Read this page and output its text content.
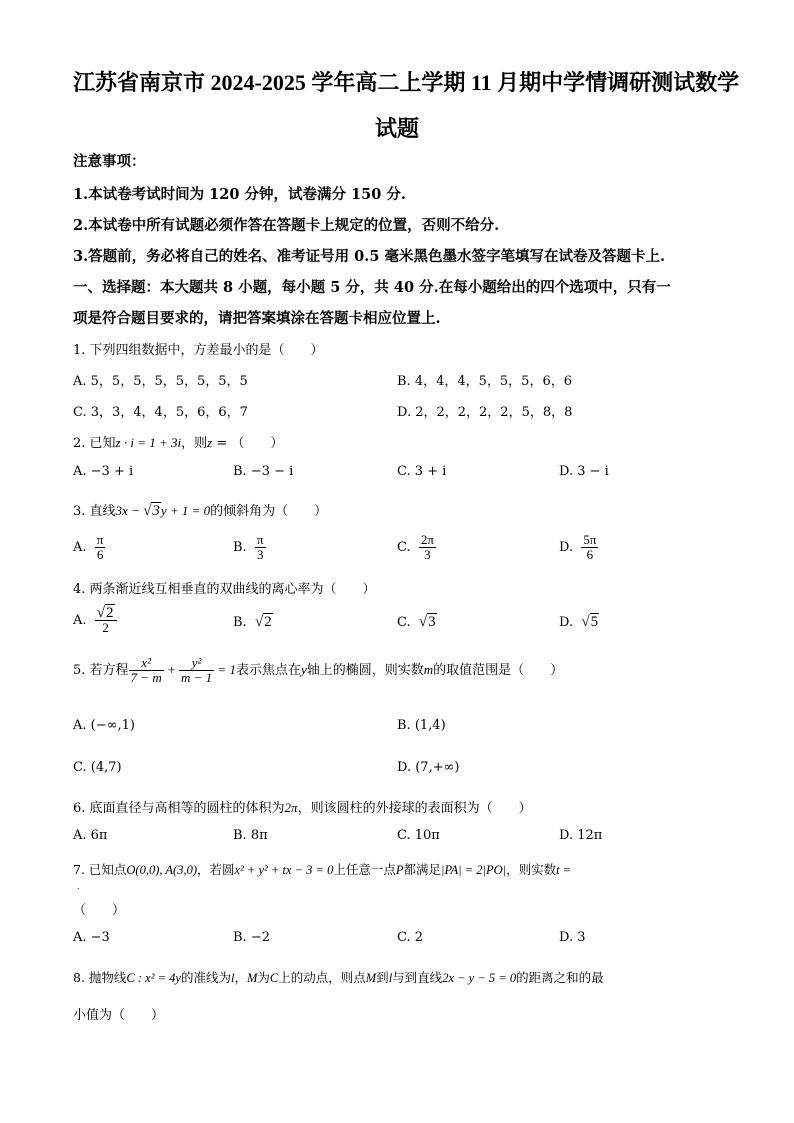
江苏省南京市 2024-2025 学年高二上学期 11 月期中学情调研测试数学
试题
注意事项：
1.本试卷考试时间为 120 分钟，试卷满分 150 分.
2.本试卷中所有试题必须作答在答题卡上规定的位置，否则不给分.
3.答题前，务必将自己的姓名、准考证号用 0.5 毫米黑色墨水签字笔填写在试卷及答题卡上.
一、选择题：本大题共 8 小题，每小题 5 分，共 40 分.在每小题给出的四个选项中，只有一
项是符合题目要求的，请把答案填涂在答题卡相应位置上.
1. 下列四组数据中，方差最小的是（　　）
A. 5，5，5，5，5，5，5，5	B. 4，4，4，5，5，5，6，6
C. 3，3，4，4，5，6，6，7	D. 2，2，2，2，2，5，8，8
2. 已知z · i = 1 + 3i，则z = （　　）
A. −3 + i	B. −3 − i	C. 3 + i	D. 3 − i
3. 直线3x − √3y + 1 = 0的倾斜角为（　　）
A. $\frac{\pi}{6}$	B. $\frac{\pi}{3}$	C. $\frac{2\pi}{3}$	D. $\frac{5\pi}{6}$
4. 两条渐近线互相垂直的双曲线的离心率为（　　）
A. $\frac{√2}{2}$	B. √2	C. √3	D. √5
5. 若方程 $\frac{\text{x²}}{7 - m} + \frac{\text{y²}}{m - 1} = 1$表示焦点在y轴上的椭圆，则实数m的取值范围是（　　）
A. (−∞,1)	B. (1,4)
C. (4,7)	D. (7,+∞)
6. 底面直径与高相等的圆柱的体积为2π，则该圆柱的外接球的表面积为（　　）
A. 6π	B. 8π	C. 10π	D. 12π
7. 已知点O(0,0), A(3,0)，若圆x² + y² + tx − 3 = 0上任意一点P都满足|PA| = 2|PO|，则实数t =
.
（　　）
A. −3	B. −2	C. 2	D. 3
8. 抛物线C : x² = 4y的准线为l，M为C上的动点，则点M到l与到直线2x − y − 5 = 0的距离之和的最
小值为（　　）
